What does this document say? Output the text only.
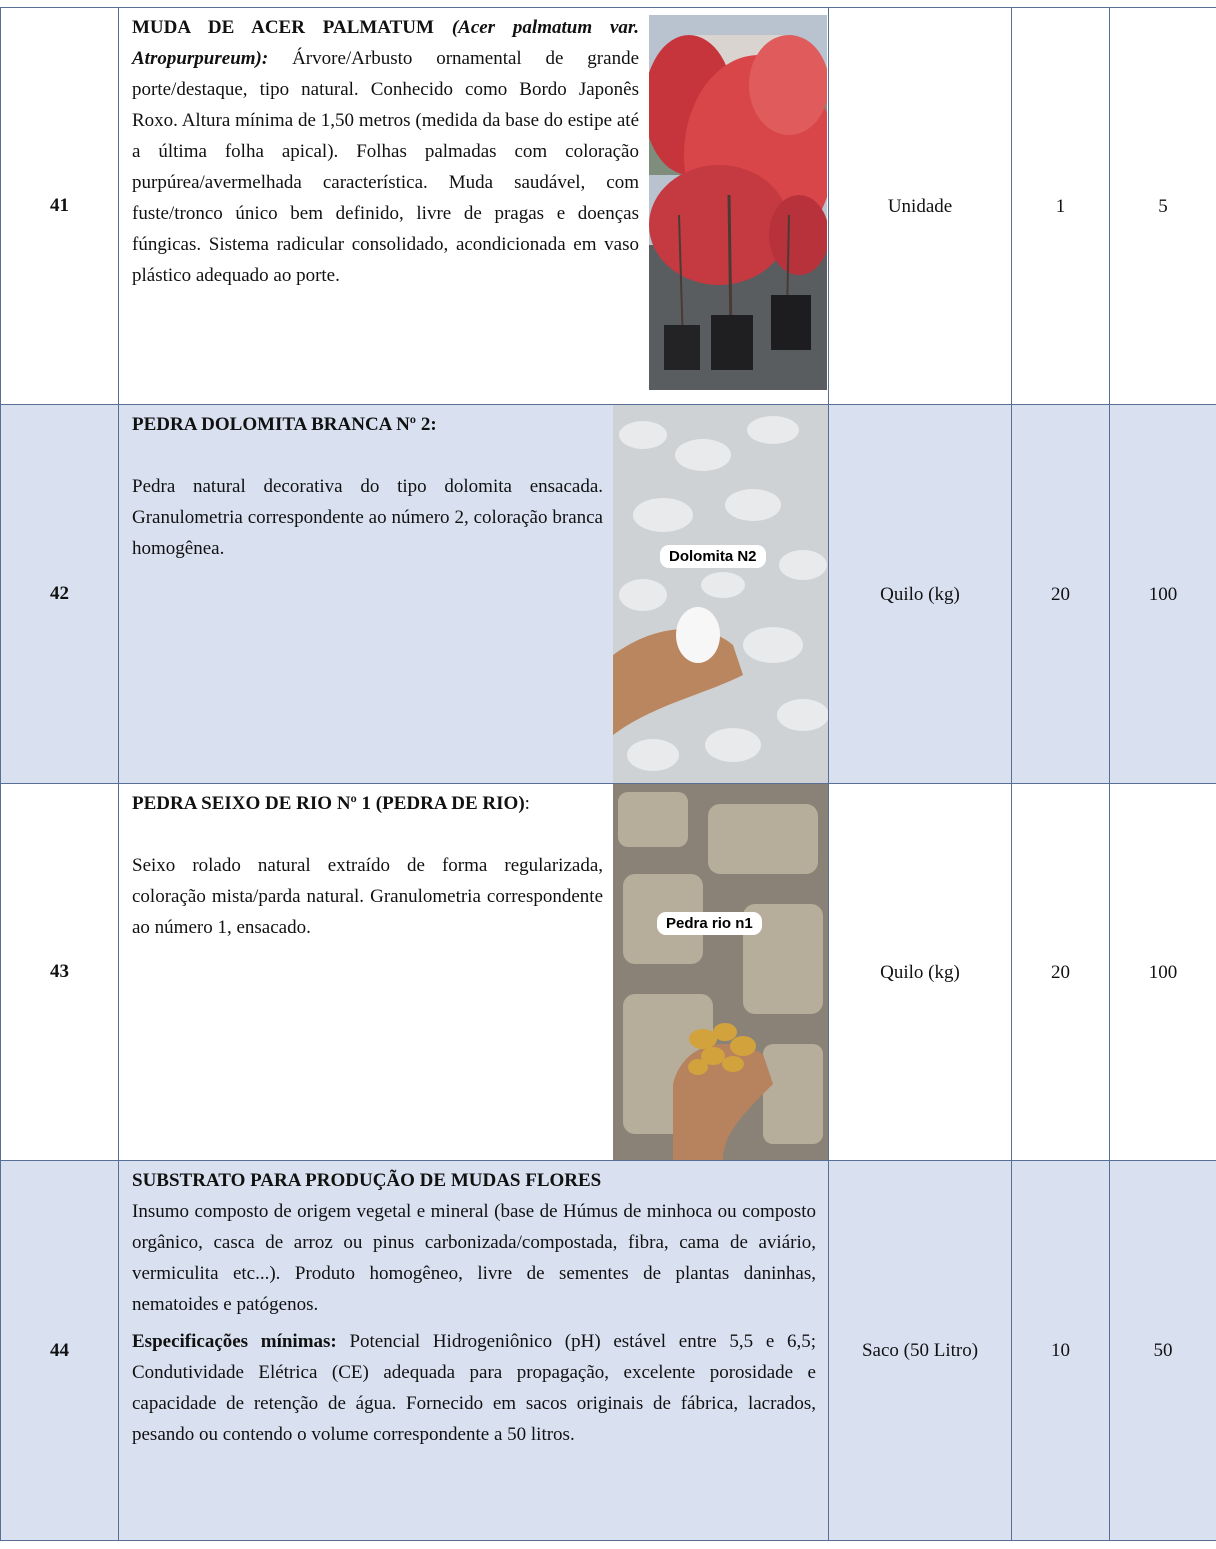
41	MUDA DE ACER PALMATUM (Acer palmatum var. Atropurpureum): Árvore/Arbusto ornamental de grande porte/destaque, tipo natural. Conhecido como Bordo Japonês Roxo. Altura mínima de 1,50 metros (medida da base do estipe até a última folha apical). Folhas palmadas com coloração purpúrea/avermelhada característica. Muda saudável, com fuste/tronco único bem definido, livre de pragas e doenças fúngicas. Sistema radicular consolidado, acondicionada em vaso plástico adequado ao porte.	Unidade	1	5
42	PEDRA DOLOMITA BRANCA Nº 2:

Pedra natural decorativa do tipo dolomita ensacada. Granulometria correspondente ao número 2, coloração branca homogênea. Dolomita N2	Quilo (kg)	20	100
43	PEDRA SEIXO DE RIO Nº 1 (PEDRA DE RIO):

Seixo rolado natural extraído de forma regularizada, coloração mista/parda natural. Granulometria correspondente ao número 1, ensacado. Pedra rio n1	Quilo (kg)	20	100
44	SUBSTRATO PARA PRODUÇÃO DE MUDAS FLORES

Insumo composto de origem vegetal e mineral (base de Húmus de minhoca ou composto orgânico, casca de arroz ou pinus carbonizada/compostada, fibra, cama de aviário, vermiculita etc...). Produto homogêneo, livre de sementes de plantas daninhas, nematoides e patógenos.

Especificações mínimas: Potencial Hidrogeniônico (pH) estável entre 5,5 e 6,5; Condutividade Elétrica (CE) adequada para propagação, excelente porosidade e capacidade de retenção de água. Fornecido em sacos originais de fábrica, lacrados, pesando ou contendo o volume correspondente a 50 litros.	Saco (50 Litro)	10	50
